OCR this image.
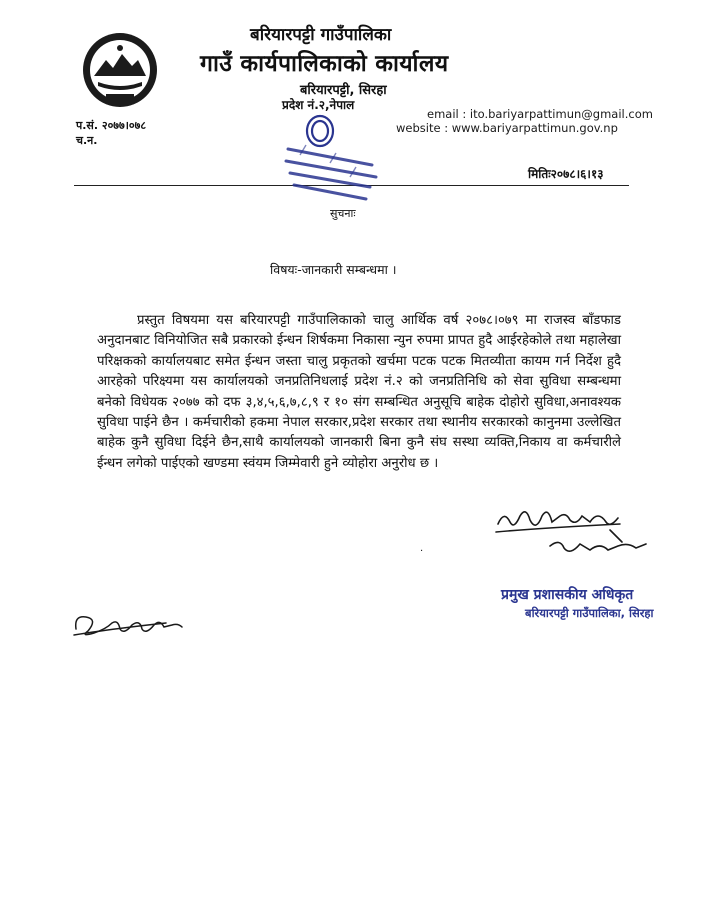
बरियारपट्टी गाउँपालिका
गाउँ कार्यपालिकाको कार्यालय
बरियारपट्टी, सिरहा
प्रदेश नं.२,नेपाल
email : ito.bariyarpattimun@gmail.com
website : www.bariyarpattimun.gov.np
प.सं. २०७७।०७८
च.न.
मितिः२०७८।६।१३
सुचनाः
विषयः-जानकारी सम्बन्धमा ।
प्रस्तुत विषयमा यस बरियारपट्टी गाउँपालिकाको चालु आर्थिक वर्ष २०७८।०७९ मा राजस्व बाँडफाड अनुदानबाट विनियोजित सबै प्रकारको ईन्धन शिर्षकमा निकासा न्युन रुपमा प्रापत हुदै आईरहेकोले तथा महालेखा परिक्षकको कार्यालयबाट समेत ईन्धन जस्ता चालु प्रकृतको खर्चमा पटक पटक मितव्यीता कायम गर्न निर्देश हुदै आरहेको परिक्ष्यमा यस कार्यालयको जनप्रतिनिधलाई प्रदेश नं.२ को जनप्रतिनिधि को सेवा सुविधा सम्बन्धमा बनेको विधेयक २०७७ को दफ ३,४,५,६,७,८,९ र १० संग सम्बन्धित अनुसूचि बाहेक दोहोरो सुविधा,अनावश्यक सुविधा पाईने छैन । कर्मचारीको हकमा नेपाल सरकार,प्रदेश सरकार तथा स्थानीय सरकारको कानुनमा उल्लेखित बाहेक कुनै सुविधा दिईने छैन,साथै कार्यालयको जानकारी बिना कुनै संघ सस्था व्यक्ति,निकाय वा कर्मचारीले ईन्धन लगेको पाईएको खण्डमा स्वंयम जिम्मेवारी हुने व्योहोरा अनुरोध छ ।
.
प्रमुख प्रशासकीय अधिकृत
बरियारपट्टी गाउँपालिका, सिरहा
